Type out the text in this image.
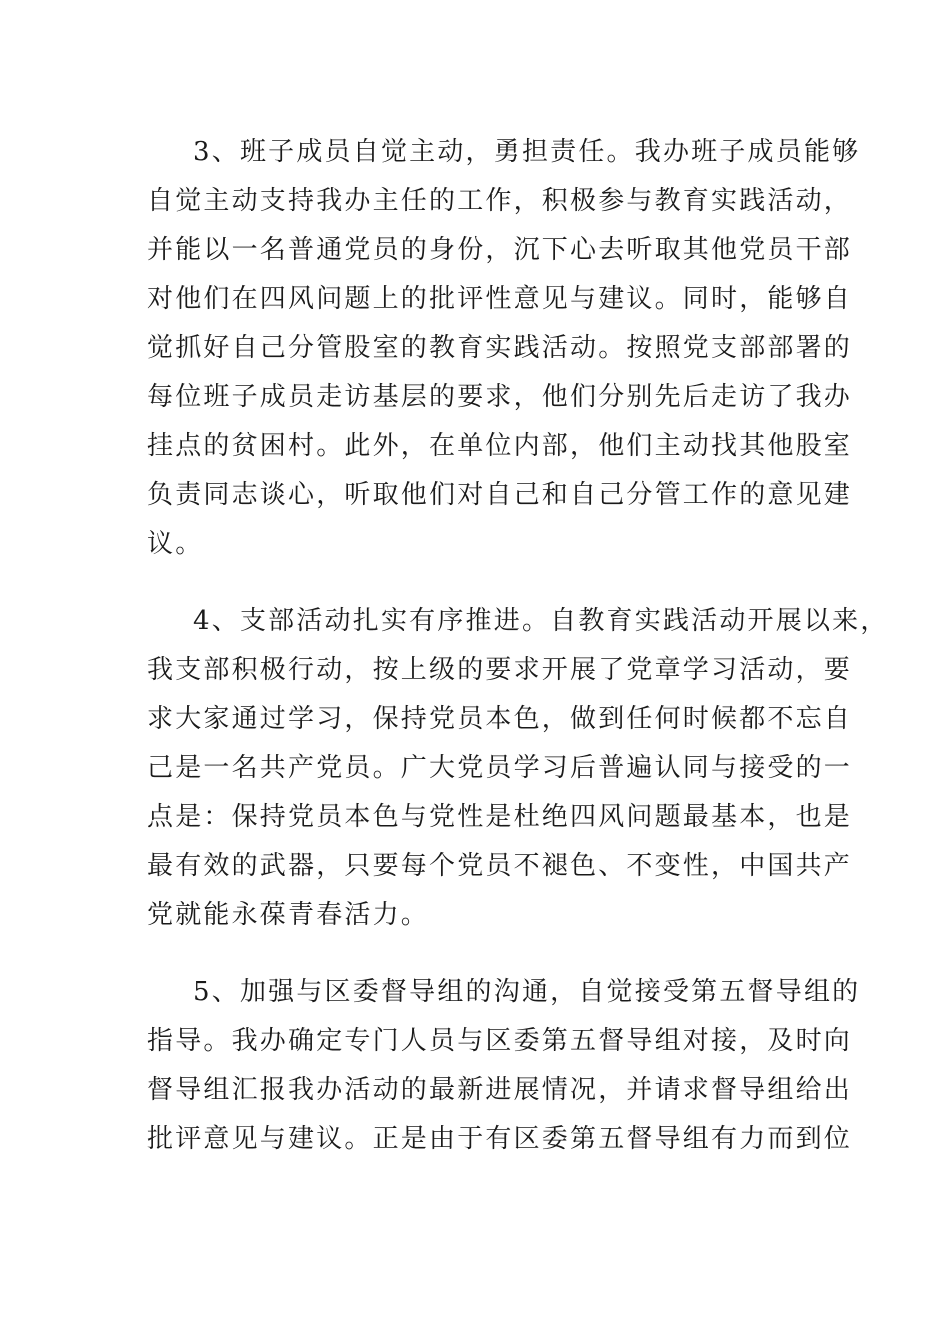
3、班子成员自觉主动，勇担责任。我办班子成员能够
自觉主动支持我办主任的工作，积极参与教育实践活动，
并能以一名普通党员的身份，沉下心去听取其他党员干部
对他们在四风问题上的批评性意见与建议。同时，能够自
觉抓好自己分管股室的教育实践活动。按照党支部部署的
每位班子成员走访基层的要求，他们分别先后走访了我办
挂点的贫困村。此外，在单位内部，他们主动找其他股室
负责同志谈心，听取他们对自己和自己分管工作的意见建
议。
4、支部活动扎实有序推进。自教育实践活动开展以来，
我支部积极行动，按上级的要求开展了党章学习活动，要
求大家通过学习，保持党员本色，做到任何时候都不忘自
己是一名共产党员。广大党员学习后普遍认同与接受的一
点是：保持党员本色与党性是杜绝四风问题最基本，也是
最有效的武器，只要每个党员不褪色、不变性，中国共产
党就能永葆青春活力。
5、加强与区委督导组的沟通，自觉接受第五督导组的
指导。我办确定专门人员与区委第五督导组对接，及时向
督导组汇报我办活动的最新进展情况，并请求督导组给出
批评意见与建议。正是由于有区委第五督导组有力而到位
